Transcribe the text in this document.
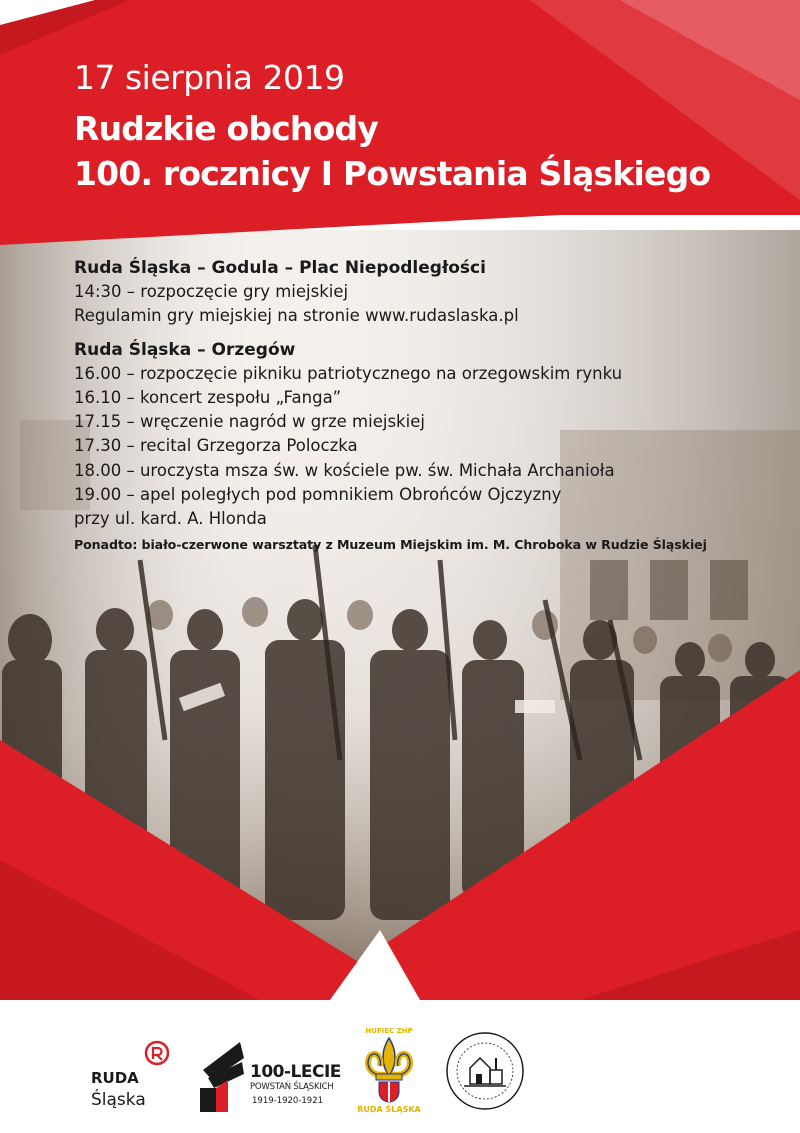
17 sierpnia 2019
Rudzkie obchody
100. rocznicy I Powstania Śląskiego
Ruda Śląska – Godula – Plac Niepodległości
14:30 – rozpoczęcie gry miejskiej
Regulamin gry miejskiej na stronie www.rudaslaska.pl
Ruda Śląska – Orzegów
16.00 – rozpoczęcie pikniku patriotycznego na orzegowskim rynku
16.10 – koncert zespołu „Fanga”
17.15 – wręczenie nagród w grze miejskiej
17.30 – recital Grzegorza Poloczka
18.00 – uroczysta msza św. w kościele pw. św. Michała Archanioła
19.00 – apel poległych pod pomnikiem Obrońców Ojczyzny
przy ul. kard. A. Hlonda
Ponadto: biało-czerwone warsztaty z Muzeum Miejskim im. M. Chroboka w Rudzie Śląskiej
RUDA
Śląska
100-LECIE
POWSTAŃ ŚLĄSKICH
1919-1920-1921
HUFIEC ZHP
RUDA ŚLĄSKA
